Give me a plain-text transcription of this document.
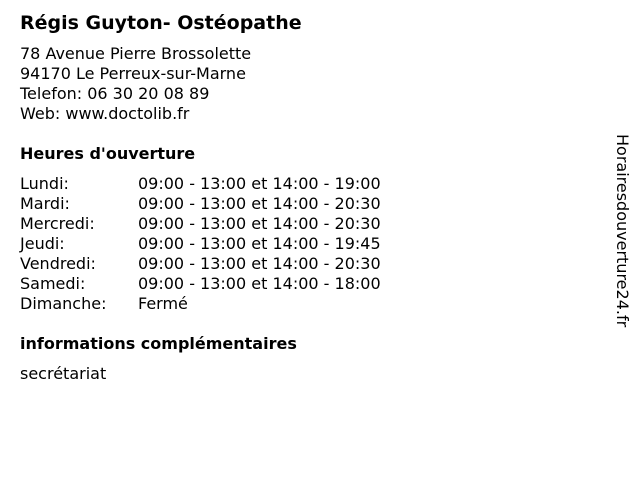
Régis Guyton- Ostéopathe
78 Avenue Pierre Brossolette
94170 Le Perreux-sur-Marne
Telefon: 06 30 20 08 89
Web: www.doctolib.fr
Heures d'ouverture
Lundi:	09:00 - 13:00 et 14:00 - 19:00
Mardi:	09:00 - 13:00 et 14:00 - 20:30
Mercredi:	09:00 - 13:00 et 14:00 - 20:30
Jeudi:	09:00 - 13:00 et 14:00 - 19:45
Vendredi:	09:00 - 13:00 et 14:00 - 20:30
Samedi:	09:00 - 13:00 et 14:00 - 18:00
Dimanche:	Fermé
informations complémentaires
secrétariat
Horairesdouverture24.fr
